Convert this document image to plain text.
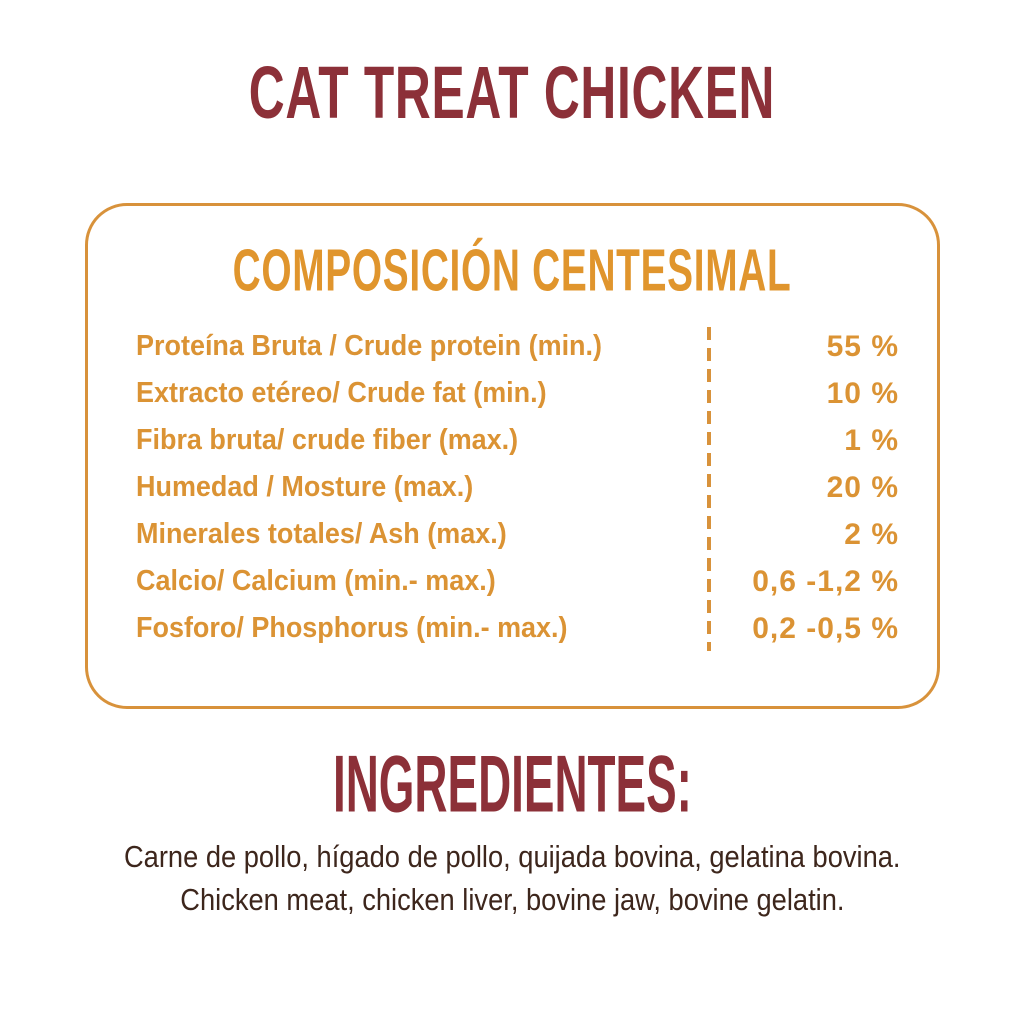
CAT TREAT CHICKEN
COMPOSICIÓN CENTESIMAL
Proteína Bruta / Crude protein (min.)	55 %
Extracto etéreo/ Crude fat (min.)	10 %
Fibra bruta/ crude fiber (max.)	1 %
Humedad / Mosture (max.)	20 %
Minerales totales/ Ash (max.)	2 %
Calcio/ Calcium (min.- max.)	0,6 -1,2 %
Fosforo/ Phosphorus (min.- max.)	0,2 -0,5 %
INGREDIENTES:
Carne de pollo, hígado de pollo, quijada bovina, gelatina bovina.
Chicken meat, chicken liver, bovine jaw, bovine gelatin.
